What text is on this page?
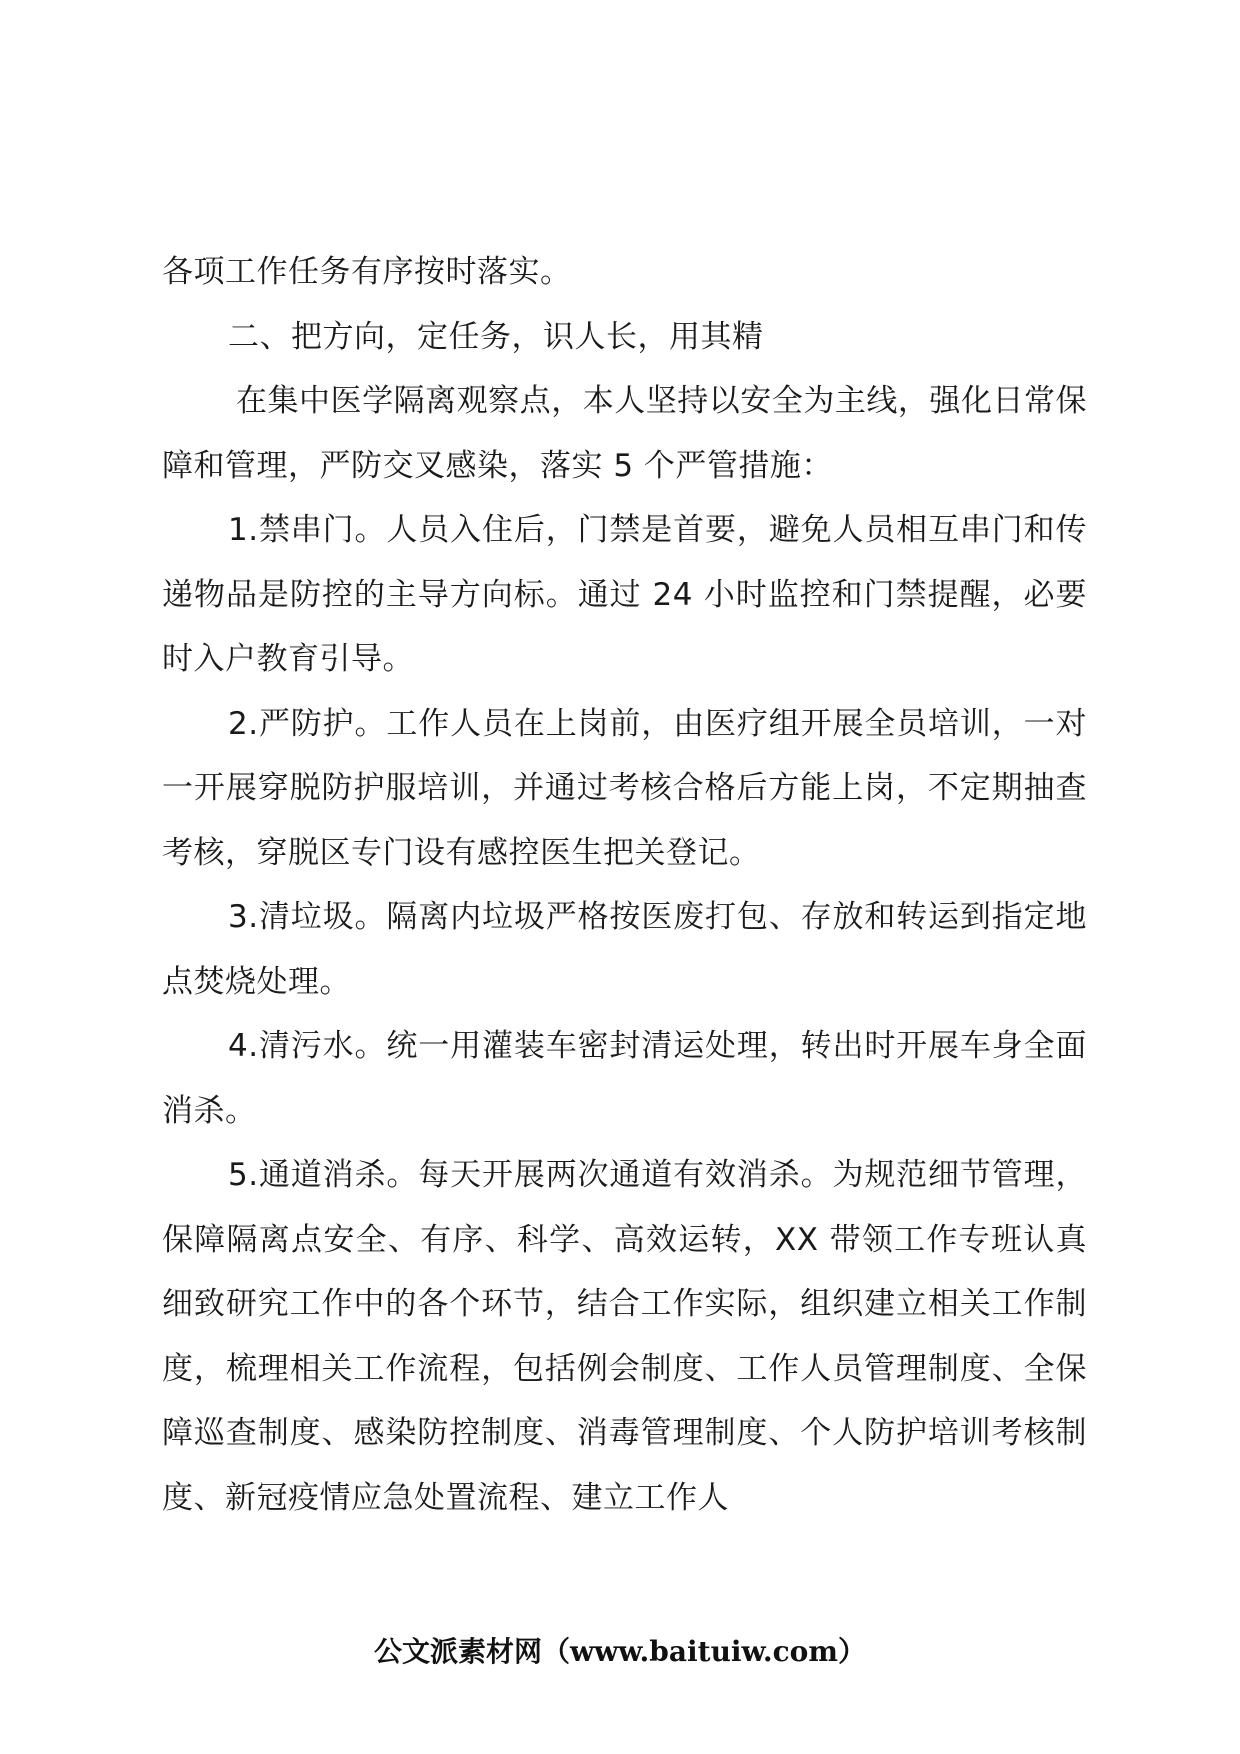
各项工作任务有序按时落实。

二、把方向，定任务，识人长，用其精

在集中医学隔离观察点，本人坚持以安全为主线，强化日常保障和管理，严防交叉感染，落实 5 个严管措施：

1.禁串门。人员入住后，门禁是首要，避免人员相互串门和传递物品是防控的主导方向标。通过 24 小时监控和门禁提醒，必要时入户教育引导。

2.严防护。工作人员在上岗前，由医疗组开展全员培训，一对一开展穿脱防护服培训，并通过考核合格后方能上岗，不定期抽查考核，穿脱区专门设有感控医生把关登记。

3.清垃圾。隔离内垃圾严格按医废打包、存放和转运到指定地点焚烧处理。

4.清污水。统一用灌装车密封清运处理，转出时开展车身全面消杀。

5.通道消杀。每天开展两次通道有效消杀。为规范细节管理，保障隔离点安全、有序、科学、高效运转，XX 带领工作专班认真细致研究工作中的各个环节，结合工作实际，组织建立相关工作制度，梳理相关工作流程，包括例会制度、工作人员管理制度、全保障巡查制度、感染防控制度、消毒管理制度、个人防护培训考核制度、新冠疫情应急处置流程、建立工作人

公文派素材网（www.baituiw.com）
